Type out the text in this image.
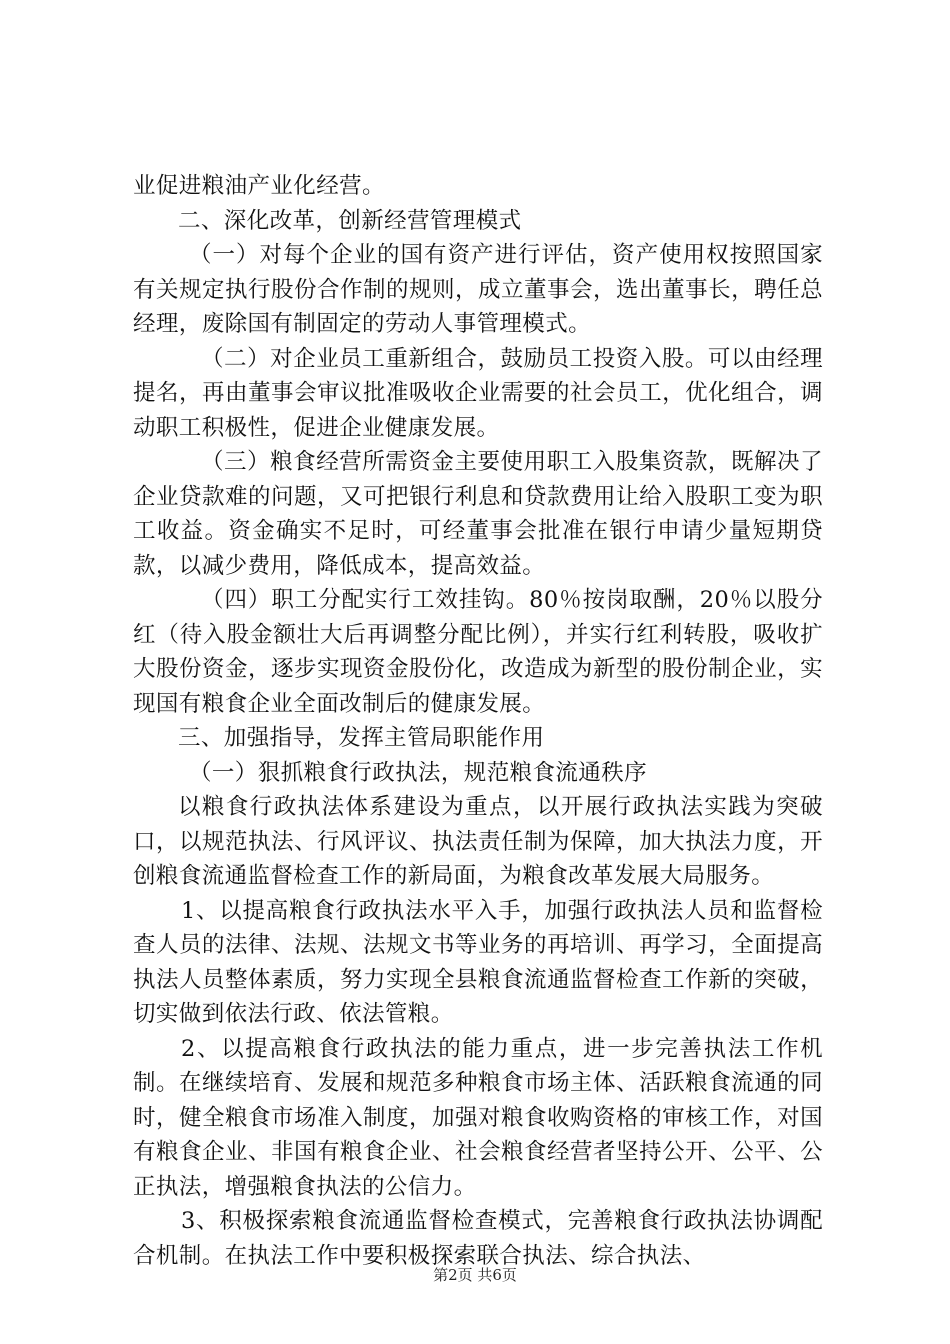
业促进粮油产业化经营。

二、深化改革，创新经营管理模式

（一）对每个企业的国有资产进行评估，资产使用权按照国家有关规定执行股份合作制的规则，成立董事会，选出董事长，聘任总经理，废除国有制固定的劳动人事管理模式。

（二）对企业员工重新组合，鼓励员工投资入股。可以由经理提名，再由董事会审议批准吸收企业需要的社会员工，优化组合，调动职工积极性，促进企业健康发展。

（三）粮食经营所需资金主要使用职工入股集资款，既解决了企业贷款难的问题，又可把银行利息和贷款费用让给入股职工变为职工收益。资金确实不足时，可经董事会批准在银行申请少量短期贷款，以减少费用，降低成本，提高效益。

（四）职工分配实行工效挂钩。80％按岗取酬，20％以股分红（待入股金额壮大后再调整分配比例），并实行红利转股，吸收扩大股份资金，逐步实现资金股份化，改造成为新型的股份制企业，实现国有粮食企业全面改制后的健康发展。

三、加强指导，发挥主管局职能作用

（一）狠抓粮食行政执法，规范粮食流通秩序

以粮食行政执法体系建设为重点，以开展行政执法实践为突破口，以规范执法、行风评议、执法责任制为保障，加大执法力度，开创粮食流通监督检查工作的新局面，为粮食改革发展大局服务。

1、以提高粮食行政执法水平入手，加强行政执法人员和监督检查人员的法律、法规、法规文书等业务的再培训、再学习，全面提高执法人员整体素质，努力实现全县粮食流通监督检查工作新的突破，切实做到依法行政、依法管粮。

2、以提高粮食行政执法的能力重点，进一步完善执法工作机制。在继续培育、发展和规范多种粮食市场主体、活跃粮食流通的同时，健全粮食市场准入制度，加强对粮食收购资格的审核工作，对国有粮食企业、非国有粮食企业、社会粮食经营者坚持公开、公平、公正执法，增强粮食执法的公信力。

3、积极探索粮食流通监督检查模式，完善粮食行政执法协调配合机制。在执法工作中要积极探索联合执法、综合执法、

第2页 共6页
